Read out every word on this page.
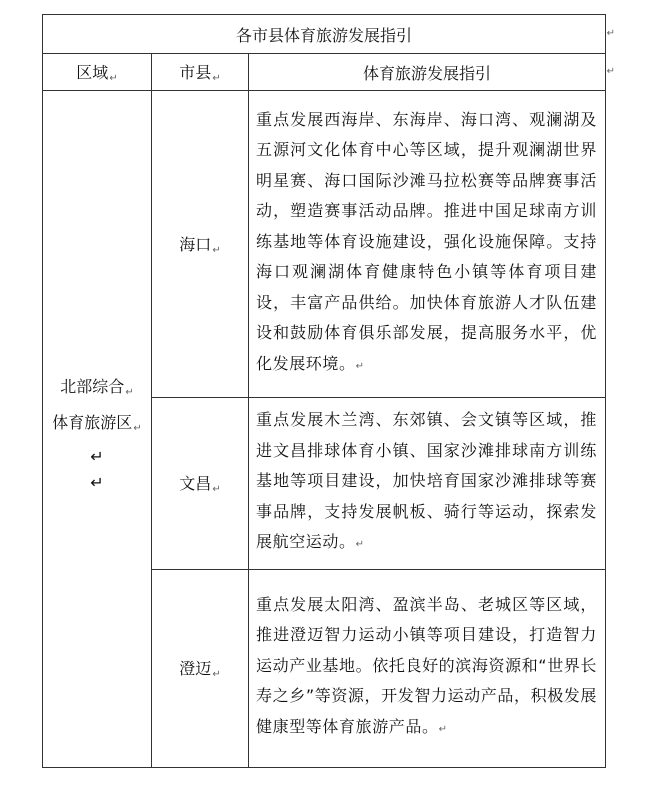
各市县体育旅游发展指引 ↵		

区域↵	市县↵	体育旅游发展指引 ↵

北部综合↵
体育旅游区↵
↵
↵	海口↵	重点发展西海岸、东海岸、海口湾、观澜湖及五源河文化体育中心等区域，提升观澜湖世界明星赛、海口国际沙滩马拉松赛等品牌赛事活动，塑造赛事活动品牌。推进中国足球南方训练基地等体育设施建设，强化设施保障。支持海口观澜湖体育健康特色小镇等体育项目建设，丰富产品供给。加快体育旅游人才队伍建设和鼓励体育俱乐部发展，提高服务水平，优化发展环境。↵
	文昌↵	重点发展木兰湾、东郊镇、会文镇等区域，推进文昌排球体育小镇、国家沙滩排球南方训练基地等项目建设，加快培育国家沙滩排球等赛事品牌，支持发展帆板、骑行等运动，探索发展航空运动。↵
	澄迈↵	重点发展太阳湾、盈滨半岛、老城区等区域，推进澄迈智力运动小镇等项目建设，打造智力运动产业基地。依托良好的滨海资源和“世界长寿之乡”等资源，开发智力运动产品，积极发展健康型等体育旅游产品。↵
